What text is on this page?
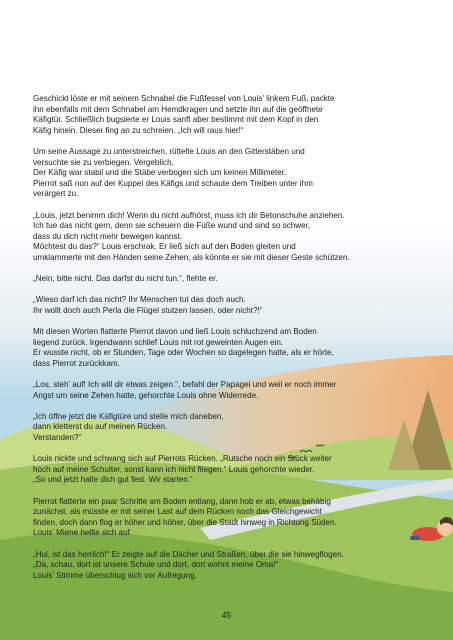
Geschickt löste er mit seinem Schnabel die Fußfessel von Louis’ linkem Fuß, packte
ihn ebenfalls mit dem Schnabel am Hemdkragen und setzte ihn auf die geöffnete
Käfigtür. Schließlich bugsierte er Louis sanft aber bestimmt mit dem Kopf in den
Käfig hinein. Dieser fing an zu schreien. „Ich will raus hier!“

Um seine Aussage zu unterstreichen, rüttelte Louis an den Gitterstäben und
versuchte sie zu verbiegen. Vergeblich.
Der Käfig war stabil und die Stäbe verbogen sich um keinen Millimeter.
Pierrot saß nun auf der Kuppel des Käfigs und schaute dem Treiben unter ihm
verärgert zu.

„Louis, jetzt benimm dich! Wenn du nicht aufhörst, muss ich dir Betonschuhe anziehen.
Ich tue das nicht gern, denn sie scheuern die Füße wund und sind so schwer,
dass du dich nicht mehr bewegen kannst.
Möchtest du das?“ Louis erschrak. Er ließ sich auf den Boden gleiten und
umklammerte mit den Händen seine Zehen, als könnte er sie mit dieser Geste schützen.

„Nein, bitte nicht. Das darfst du nicht tun.“, flehte er.

„Wieso darf ich das nicht? Ihr Menschen tut das doch auch.
Ihr wollt doch auch Perla die Flügel stutzen lassen, oder nicht?!“

Mit diesen Worten flatterte Pierrot davon und ließ Louis schluchzend am Boden
liegend zurück. Irgendwann schlief Louis mit rot geweinten Augen ein.
Er wusste nicht, ob er Stunden, Tage oder Wochen so dagelegen hatte, als er hörte,
dass Pierrot zurückkam.

„Los, steh’ auf! Ich will dir etwas zeigen.“, befahl der Papagei und weil er noch immer
Angst um seine Zehen hatte, gehorchte Louis ohne Widerrede.

„Ich öffne jetzt die Käfigtüre und stelle mich daneben,
dann kletterst du auf meinen Rücken.
Verstanden?“

Louis nickte und schwang sich auf Pierrots Rücken. „Rutsche noch ein Stück weiter
hoch auf meine Schulter, sonst kann ich nicht fliegen.“ Louis gehorchte wieder.
„So und jetzt halte dich gut fest. Wir starten.“

Pierrot flatterte ein paar Schritte am Boden entlang, dann hob er ab, etwas behäbig
zunächst, als müsste er mit seiner Last auf dem Rücken noch das Gleichgewicht
finden, doch dann flog er höher und höher, über die Stadt hinweg in Richtung Süden.
Louis’ Miene hellte sich auf.

„Hui, ist das herrlich!“ Er zeigte auf die Dächer und Straßen, über die sie hinwegflogen.
„Da, schau, dort ist unsere Schule und dort, dort wohnt meine Oma!“
Louis’ Stimme überschlug sich vor Aufregung.

45
